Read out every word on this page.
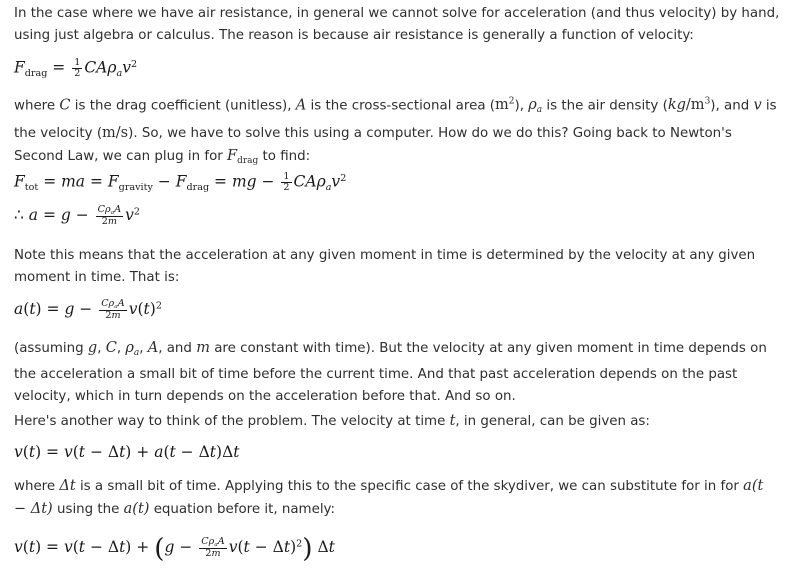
In the case where we have air resistance, in general we cannot solve for acceleration (and thus velocity) by hand, using just algebra or calculus. The reason is because air resistance is generally a function of velocity:
$F_{drag} = \frac{1}{2} CA\rho_av^2$
where C is the drag coefficient (unitless), A is the cross-sectional area $(m^2)$, $\rho_a$ is the air density $(kg/m^3)$, and v is the velocity (m/s). So, we have to solve this using a computer. How do we do this? Going back to Newton's Second Law, we can plug in for $F_{drag}$ to find:
$F_{tot}$ = ma = $F_{gravity} - F_{drag}$ = mg − $\frac{1}{2} CA\rho_av^2$
∴ $a = g - \frac{C\rho_aA}{2m} v^2$
Note this means that the acceleration at any given moment in time is determined by the velocity at any given moment in time. That is:
$a(t) = g - \frac{C\rho_aA}{2m} v(t)^2$
(assuming g, C, $\rho_a$, A, and m are constant with time). But the velocity at any given moment in time depends on the acceleration a small bit of time before the current time. And that past acceleration depends on the past velocity, which in turn depends on the acceleration before that. And so on.
Here's another way to think of the problem. The velocity at time t, in general, can be given as:
v(t) = v(t − Δt) + a(t − Δt)Δt
where Δt is a small bit of time. Applying this to the specific case of the skydiver, we can substitute for in for a(t − Δt) using the a(t) equation before it, namely:
$v(t) = v(t - \Delta t) + (g - \frac{C\rho_aA}{2m} v(t - \Delta t)^2)$ Δt
